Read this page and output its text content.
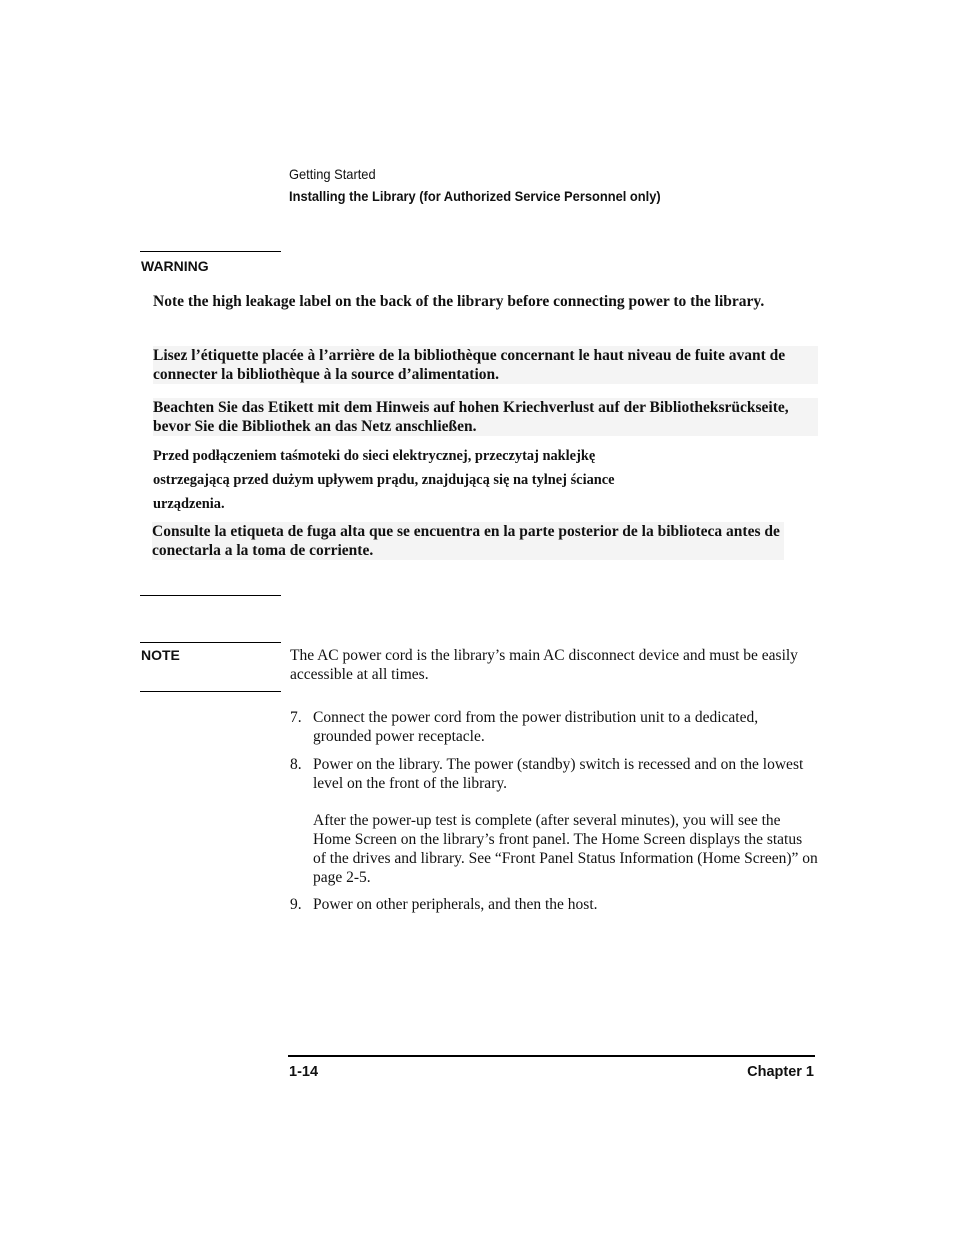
Getting Started
Installing the Library (for Authorized Service Personnel only)
WARNING

Note the high leakage label on the back of the library before connecting power to the library.

Lisez l’étiquette placée à l’arrière de la bibliothèque concernant le haut niveau de fuite avant de connecter la bibliothèque à la source d’alimentation.

Beachten Sie das Etikett mit dem Hinweis auf hohen Kriechverlust auf der Bibliotheksrückseite, bevor Sie die Bibliothek an das Netz anschließen.

Przed podłączeniem taśmoteki do sieci elektrycznej, przeczytaj naklejkę ostrzegającą przed dużym upływem prądu, znajdującą się na tylnej ściance urządzenia.

Consulte la etiqueta de fuga alta que se encuentra en la parte posterior de la biblioteca antes de conectarla a la toma de corriente.

NOTE	The AC power cord is the library’s main AC disconnect device and must be easily accessible at all times.

7. Connect the power cord from the power distribution unit to a dedicated, grounded power receptacle.
8. Power on the library. The power (standby) switch is recessed and on the lowest level on the front of the library.
After the power-up test is complete (after several minutes), you will see the Home Screen on the library’s front panel. The Home Screen displays the status of the drives and library. See “Front Panel Status Information (Home Screen)” on page 2-5.
9. Power on other peripherals, and then the host.
1-14	Chapter 1
